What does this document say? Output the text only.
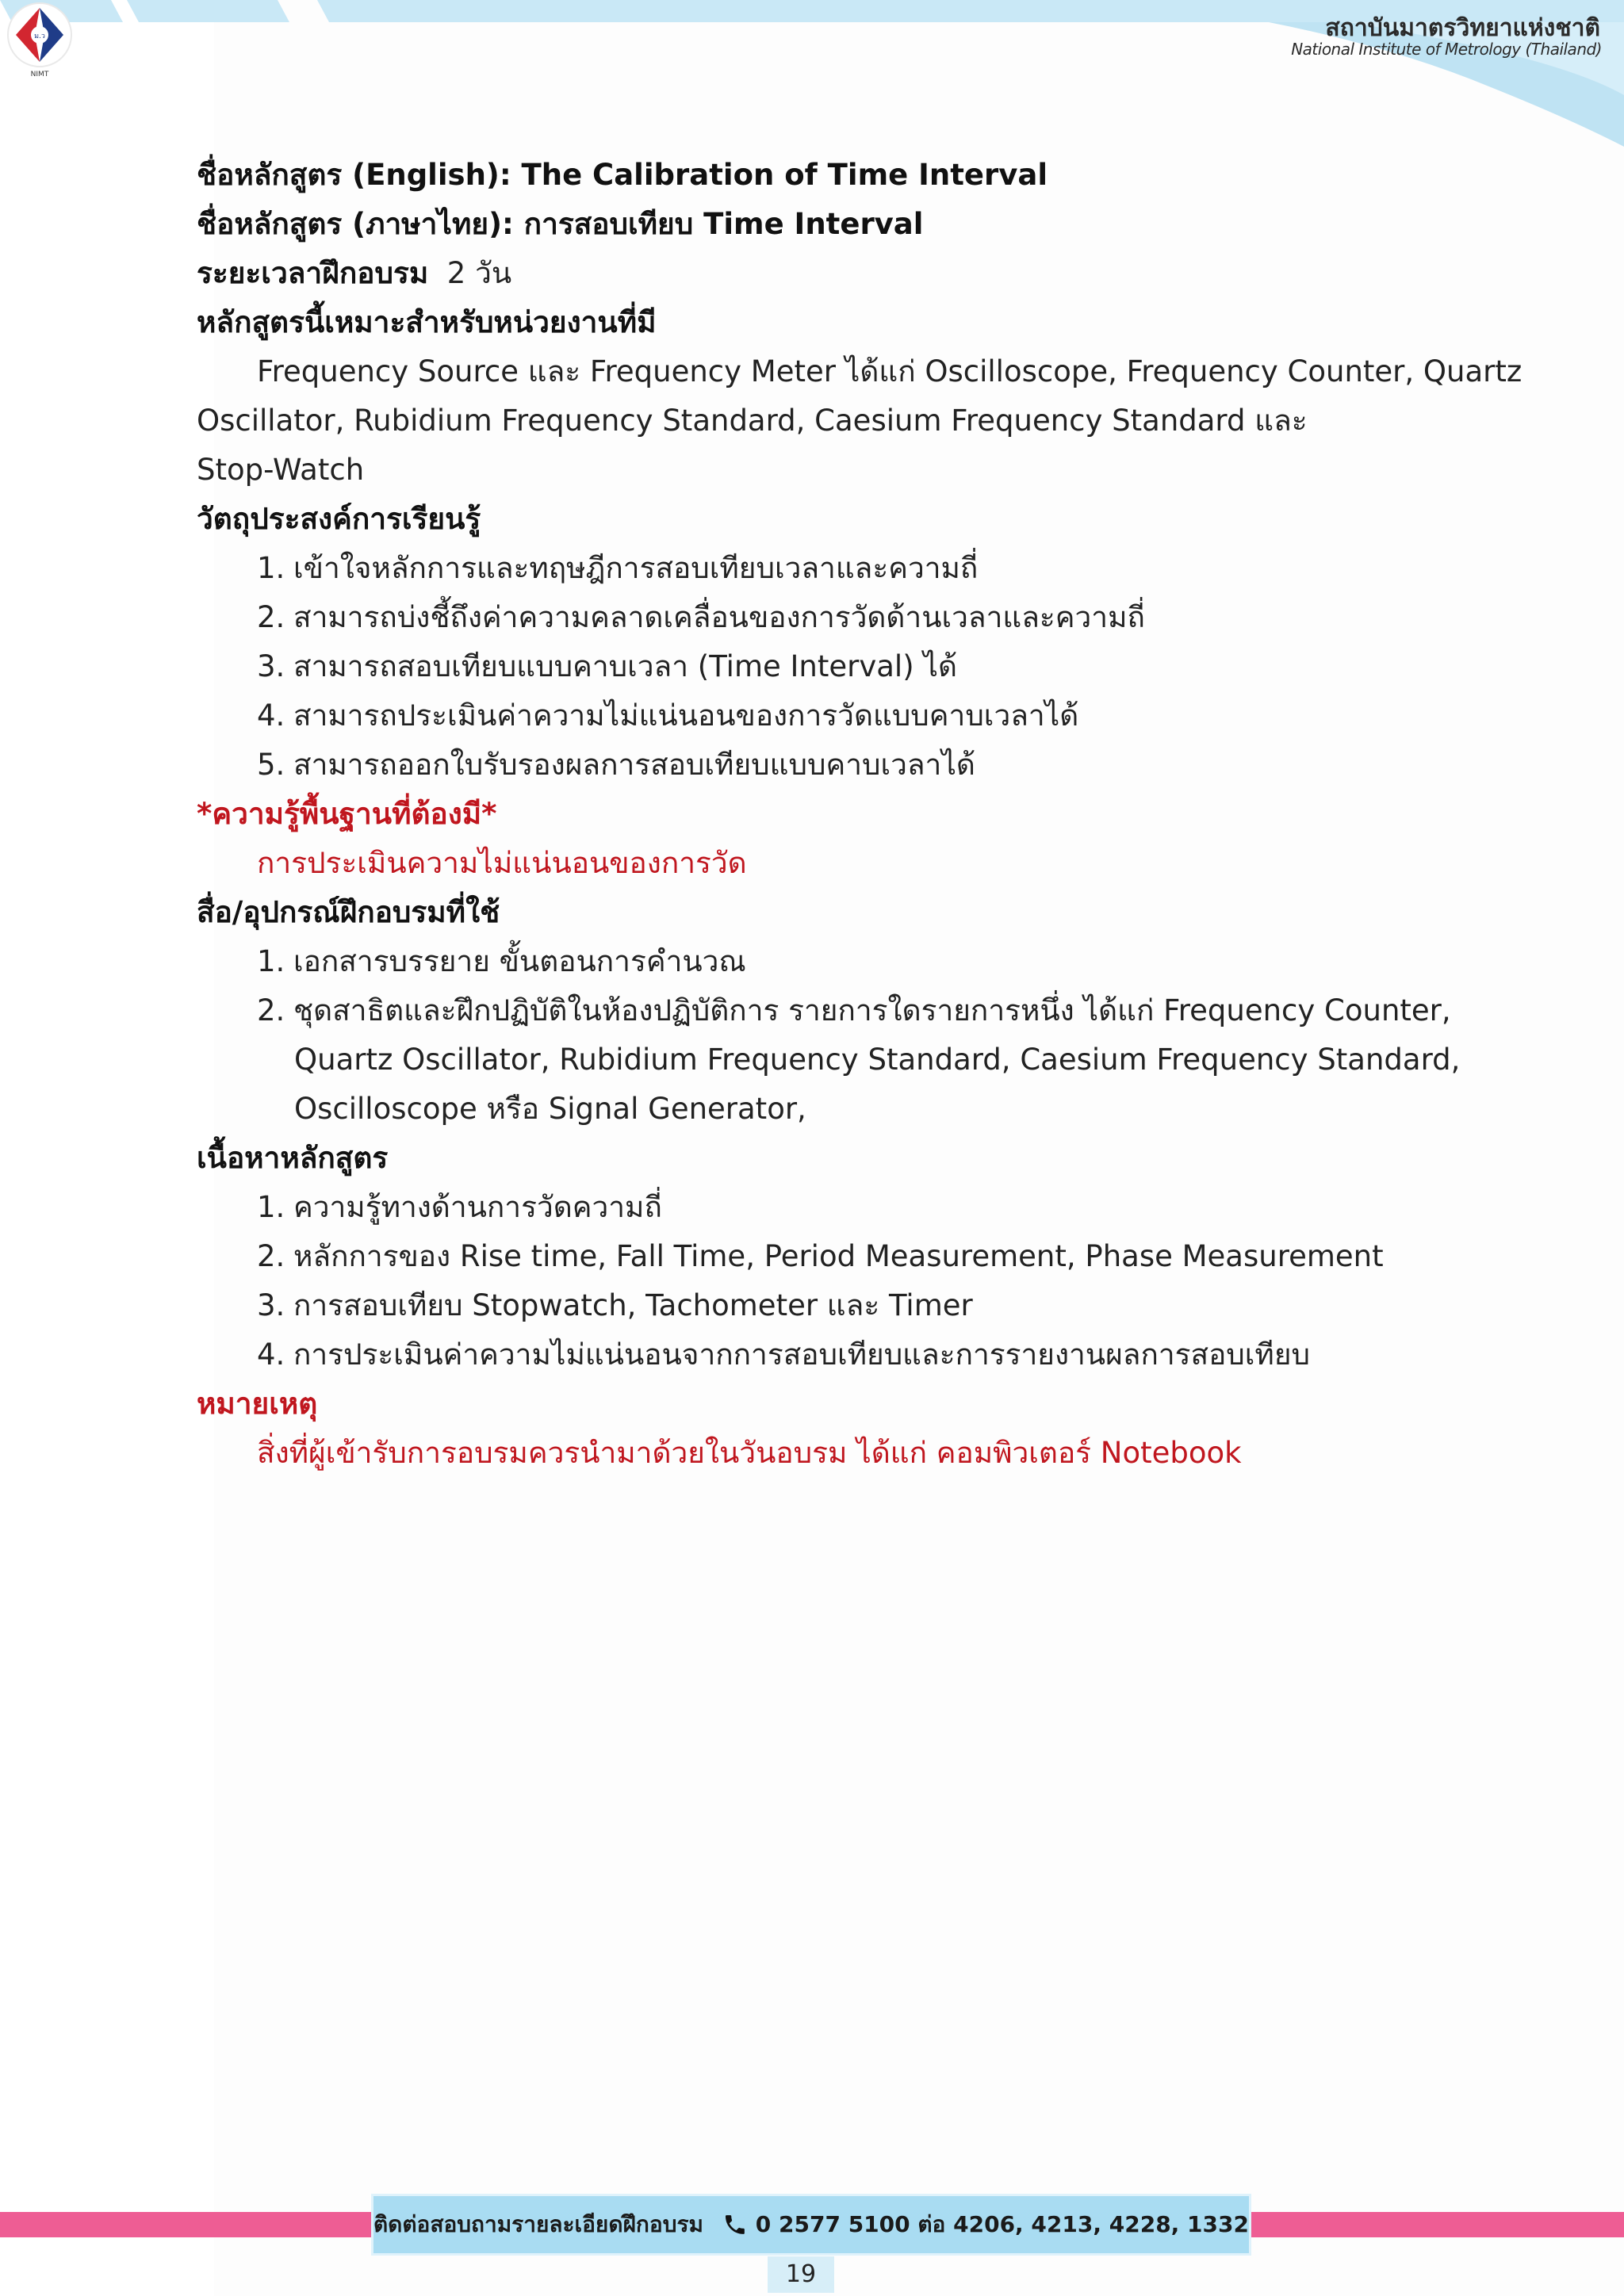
สถาบันมาตรวิทยาแห่งชาติ
National Institute of Metrology (Thailand)
ม.ว
NIMT
ชื่อหลักสูตร (English): The Calibration of Time Interval
ชื่อหลักสูตร (ภาษาไทย): การสอบเทียบ Time Interval
ระยะเวลาฝึกอบรม 2 วัน
หลักสูตรนี้เหมาะสำหรับหน่วยงานที่มี
Frequency Source และ Frequency Meter ได้แก่ Oscilloscope, Frequency Counter, Quartz
Oscillator, Rubidium Frequency Standard, Caesium Frequency Standard และ
Stop-Watch
วัตถุประสงค์การเรียนรู้
1. เข้าใจหลักการและทฤษฎีการสอบเทียบเวลาและความถี่
2. สามารถบ่งชี้ถึงค่าความคลาดเคลื่อนของการวัดด้านเวลาและความถี่
3. สามารถสอบเทียบแบบคาบเวลา (Time Interval) ได้
4. สามารถประเมินค่าความไม่แน่นอนของการวัดแบบคาบเวลาได้
5. สามารถออกใบรับรองผลการสอบเทียบแบบคาบเวลาได้
*ความรู้พื้นฐานที่ต้องมี*
การประเมินความไม่แน่นอนของการวัด
สื่อ/อุปกรณ์ฝึกอบรมที่ใช้
1. เอกสารบรรยาย ขั้นตอนการคำนวณ
2. ชุดสาธิตและฝึกปฏิบัติในห้องปฏิบัติการ รายการใดรายการหนึ่ง ได้แก่ Frequency Counter,
Quartz Oscillator, Rubidium Frequency Standard, Caesium Frequency Standard,
Oscilloscope หรือ Signal Generator,
เนื้อหาหลักสูตร
1. ความรู้ทางด้านการวัดความถี่
2. หลักการของ Rise time, Fall Time, Period Measurement, Phase Measurement
3. การสอบเทียบ Stopwatch, Tachometer และ Timer
4. การประเมินค่าความไม่แน่นอนจากการสอบเทียบและการรายงานผลการสอบเทียบ
หมายเหตุ
สิ่งที่ผู้เข้ารับการอบรมควรนำมาด้วยในวันอบรม ได้แก่ คอมพิวเตอร์ Notebook
ติดต่อสอบถามรายละเอียดฝึกอบรม 0 2577 5100 ต่อ 4206, 4213, 4228, 1332
19
